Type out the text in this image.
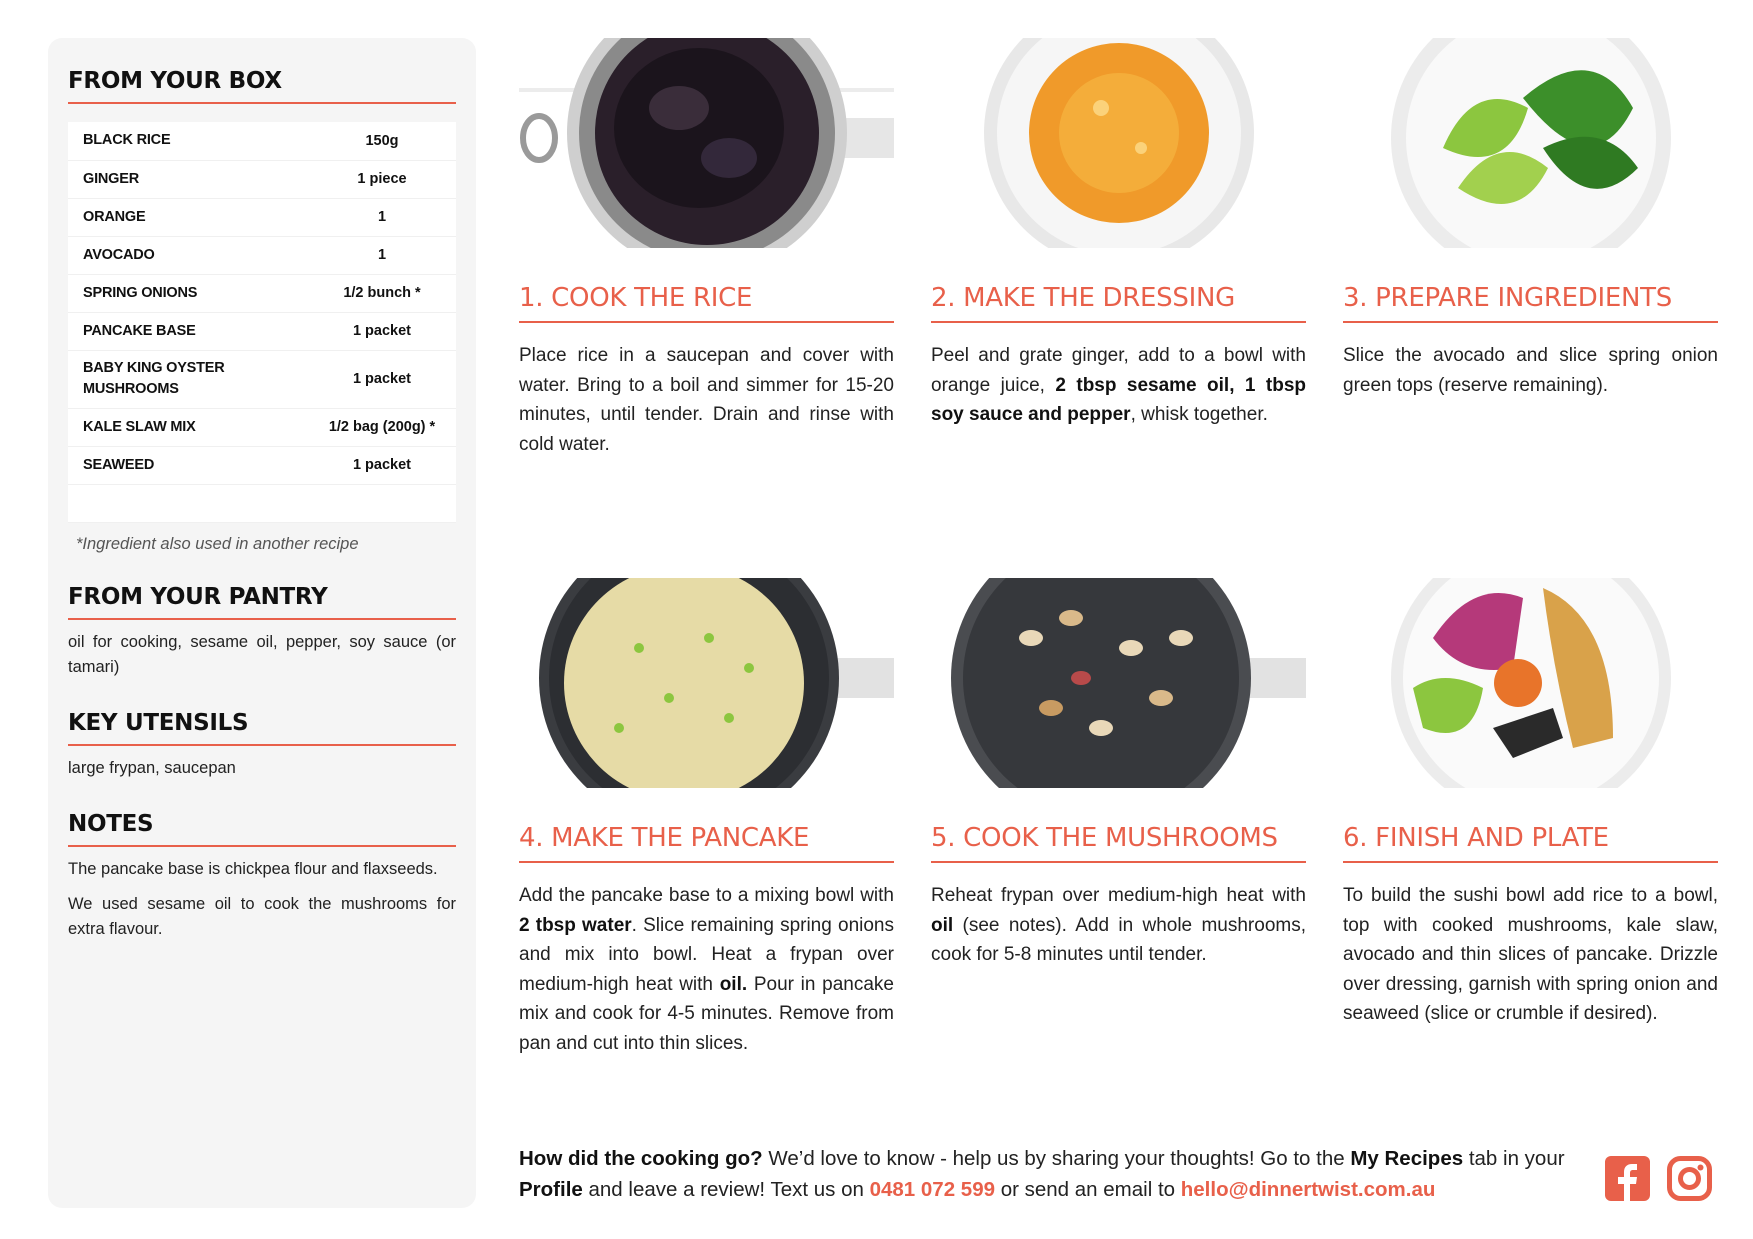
FROM YOUR BOX
BLACK RICE	150g
GINGER	1 piece
ORANGE	1
AVOCADO	1
SPRING ONIONS	1/2 bunch *
PANCAKE BASE	1 packet
BABY KING OYSTER MUSHROOMS	1 packet
KALE SLAW MIX	1/2 bag (200g) *
SEAWEED	1 packet

*Ingredient also used in another recipe
FROM YOUR PANTRY
oil for cooking, sesame oil, pepper, soy sauce (or tamari)
KEY UTENSILS
large frypan, saucepan
NOTES
The pancake base is chickpea flour and flaxseeds.
We used sesame oil to cook the mushrooms for extra flavour.
1. COOK THE RICE
Place rice in a saucepan and cover with water. Bring to a boil and simmer for 15-20 minutes, until tender. Drain and rinse with cold water.
2. MAKE THE DRESSING
Peel and grate ginger, add to a bowl with orange juice, 2 tbsp sesame oil, 1 tbsp soy sauce and pepper, whisk together.
3. PREPARE INGREDIENTS
Slice the avocado and slice spring onion green tops (reserve remaining).
4. MAKE THE PANCAKE
Add the pancake base to a mixing bowl with 2 tbsp water. Slice remaining spring onions and mix into bowl. Heat a frypan over medium-high heat with oil. Pour in pancake mix and cook for 4-5 minutes. Remove from pan and cut into thin slices.
5. COOK THE MUSHROOMS
Reheat frypan over medium-high heat with oil (see notes). Add in whole mushrooms, cook for 5-8 minutes until tender.
6. FINISH AND PLATE
To build the sushi bowl add rice to a bowl, top with cooked mushrooms, kale slaw, avocado and thin slices of pancake. Drizzle over dressing, garnish with spring onion and seaweed (slice or crumble if desired).
How did the cooking go? We’d love to know - help us by sharing your thoughts! Go to the My Recipes tab in your Profile and leave a review! Text us on 0481 072 599 or send an email to hello@dinnertwist.com.au
